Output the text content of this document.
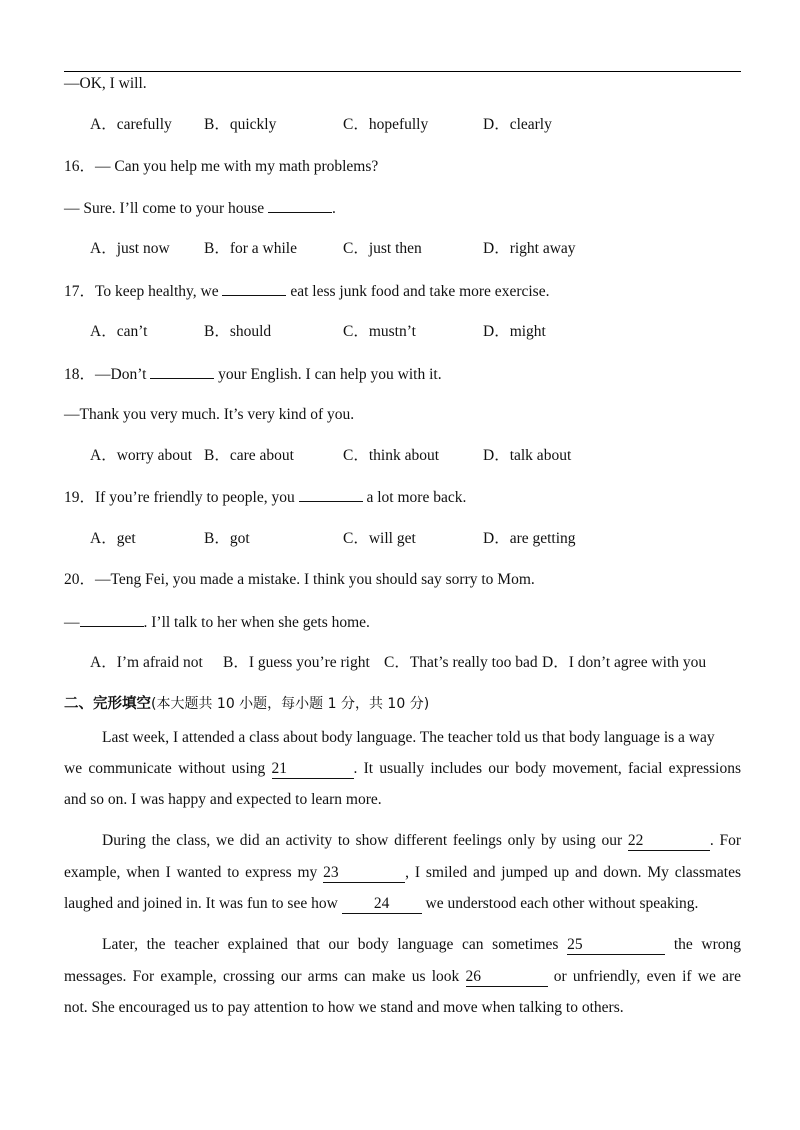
—OK, I will.
A．carefully B．quickly	C．hopefully	D．clearly
16．— Can you help me with my math problems?
— Sure. I’ll come to your house	.
A．just now B．for a while	C．just then	D．right away
17．To keep healthy, we	eat less junk food and take more exercise.
A．can’t	B．should	C．mustn’t	D．might
18．—Don’t	your English. I can help you with it.
—Thank you very much. It’s very kind of you.
A．worry about B．care about	C．think about	D．talk about
19．If you’re friendly to people, you	a lot more back.
A．get	B．got	C．will get	D．are getting
20．—Teng Fei, you made a mistake. I think you should say sorry to Mom.
—	. I’ll talk to her when she gets home.
A．I’m afraid not B．I guess you’re right C．That’s really too bad D．I don’t agree with you
二、完形填空(本大题共 10 小题，每小题 1 分，共 10 分)
Last week, I attended a class about body language. The teacher told us that body language is a way
we communicate without using 21	. It usually includes our body movement, facial expressions
and so on. I was happy and expected to learn more.
During the class, we did an activity to show different feelings only by using our 22	. For
example, when I wanted to express my 23	, I smiled and jumped up and down. My classmates
laughed and joined in. It was fun to see how 24 we understood each other without speaking.
Later, the teacher explained that our body language can sometimes 25	the wrong
messages. For example, crossing our arms can make us look 26	or unfriendly, even if we are
not. She encouraged us to pay attention to how we stand and move when talking to others.
